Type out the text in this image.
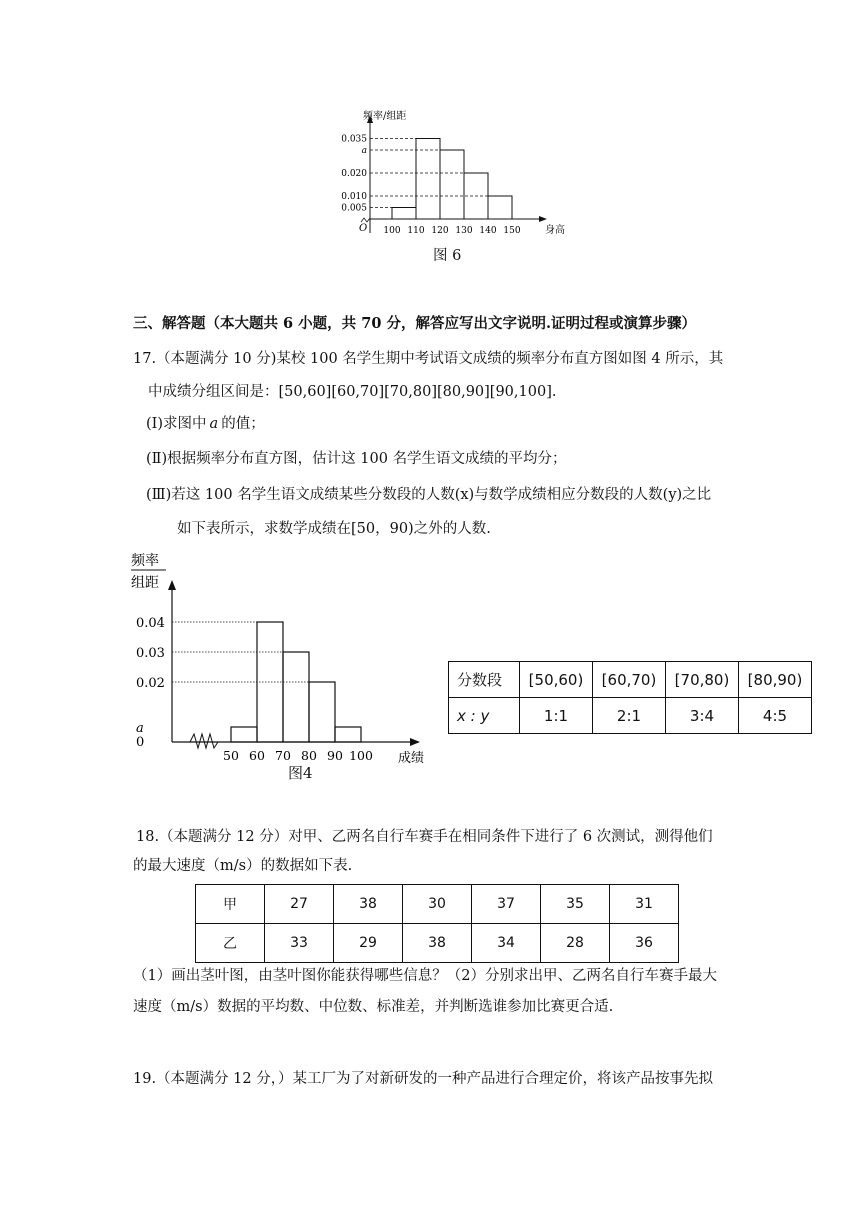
频率/组距
身高
O
0.035
a
0.020
0.010
0.005
100 110 120 130 140 150
图 6
三、解答题（本大题共 6 小题，共 70 分，解答应写出文字说明.证明过程或演算步骤）
17.（本题满分 10 分)某校 100 名学生期中考试语文成绩的频率分布直方图如图 4 所示，其
中成绩分组区间是：[50,60][60,70][70,80][80,90][90,100].
(Ⅰ)求图中 a 的值；
(Ⅱ)根据频率分布直方图，估计这 100 名学生语文成绩的平均分；
(Ⅲ)若这 100 名学生语文成绩某些分数段的人数(x)与数学成绩相应分数段的人数(y)之比
如下表所示，求数学成绩在[50，90)之外的人数.
频率
组距
成绩
0.04
0.03
0.02
a
0
50 60 70 80 90 100
图4
分数段	[50,60)	[60,70)	[70,80)	[80,90)
x : y	1:1	2:1	3:4	4:5
18.（本题满分 12 分）对甲、乙两名自行车赛手在相同条件下进行了 6 次测试，测得他们
的最大速度（m/s）的数据如下表.
甲	27	38	30	37	35	31
乙	33	29	38	34	28	36
（1）画出茎叶图，由茎叶图你能获得哪些信息？（2）分别求出甲、乙两名自行车赛手最大
速度（m/s）数据的平均数、中位数、标准差，并判断选谁参加比赛更合适.
19.（本题满分 12 分，）某工厂为了对新研发的一种产品进行合理定价，将该产品按事先拟
